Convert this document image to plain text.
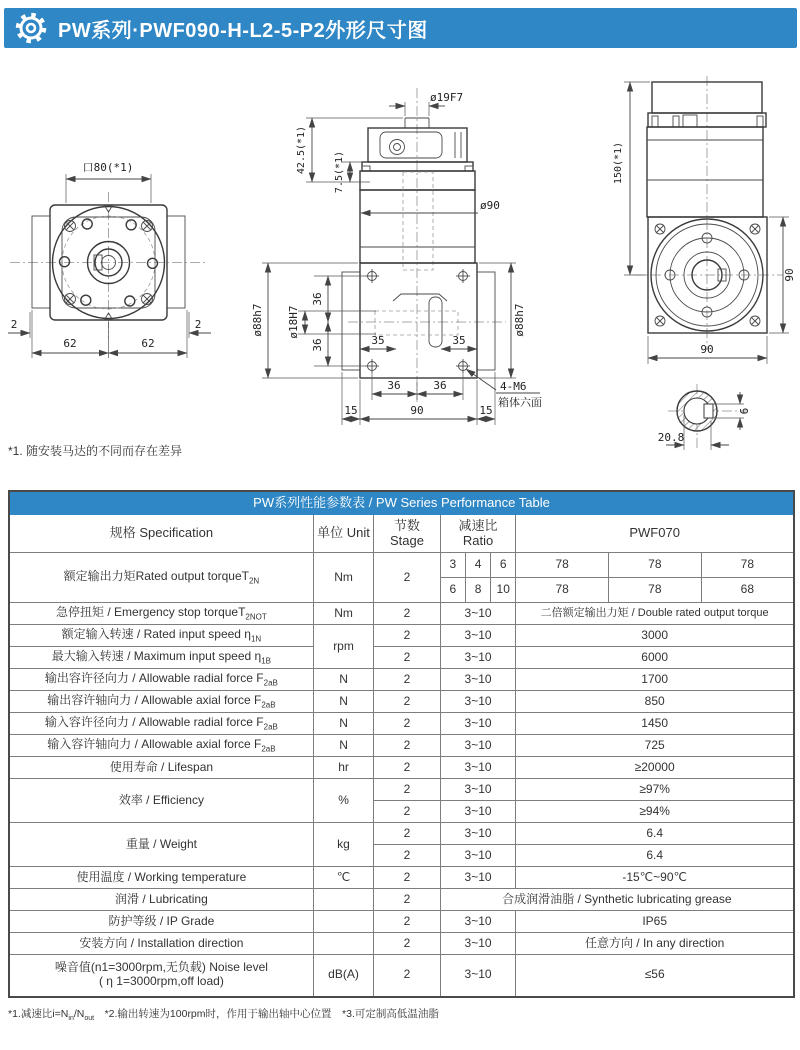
PW系列·PWF090-H-L2-5-P2外形尺寸图
口80(*1)
62	62
2	2
ø19F7
42.5(*1)	7.5(*1)
ø90
ø88h7
36
ø18H7
36
ø88h7
35	35
36	36
15	90	15
4-M6
箱体六面
150(*1)
90
90
6
20.8
*1. 随安装马达的不同而存在差异
PW系列性能参数表 / PW Series Performance Table								
规格 Specification	单位 Unit	节数 Stage	减速比 Ratio			PWF070		
额定输出力矩Rated output torqueT$_{2N}$	Nm	2	3	4	6	78	78	78
			6	8	10	78	78	68
急停扭矩 / Emergency stop torqueT$_{2NOT}$	Nm	2	3~10			二倍额定输出力矩 / Double rated output torque		
额定输入转速 / Rated input speed $\eta_{1N}$	rpm	2	3~10			3000		
最大输入转速 / Maximum input speed $\eta_{1B}$		2	3~10			6000		
输出容许径向力 / Allowable radial force $F_{2aB}$	N	2	3~10			1700		
输出容许轴向力 / Allowable axial force $F_{2aB}$	N	2	3~10			850		
输入容许径向力 / Allowable radial force $F_{2aB}$	N	2	3~10			1450		
输入容许轴向力 / Allowable axial force $F_{2aB}$	N	2	3~10			725		
使用寿命 / Lifespan	hr	2	3~10			≥20000		
效率 / Efficiency	%	2	3~10			≥97%		
		2	3~10			≥94%		
重量 / Weight	kg	2	3~10			6.4		
		2	3~10			6.4		
使用温度 / Working temperature	℃	2	3~10			-15℃~90℃		
润滑 / Lubricating		2	合成润滑油脂 / Synthetic lubricating grease					
防护等级 / IP Grade		2	3~10			IP65		
安装方向 / Installation direction		2	3~10			任意方向 / In any direction		

噪音值(n1=3000rpm,无负载) Noise level
( η 1=3000rpm,off load)	dB(A)	2	3~10			≤56		
*1.减速比$i=N_{in}/N_{out}$　*2.输出转速为100rpm时，作用于输出轴中心位置　*3.可定制高低温油脂
